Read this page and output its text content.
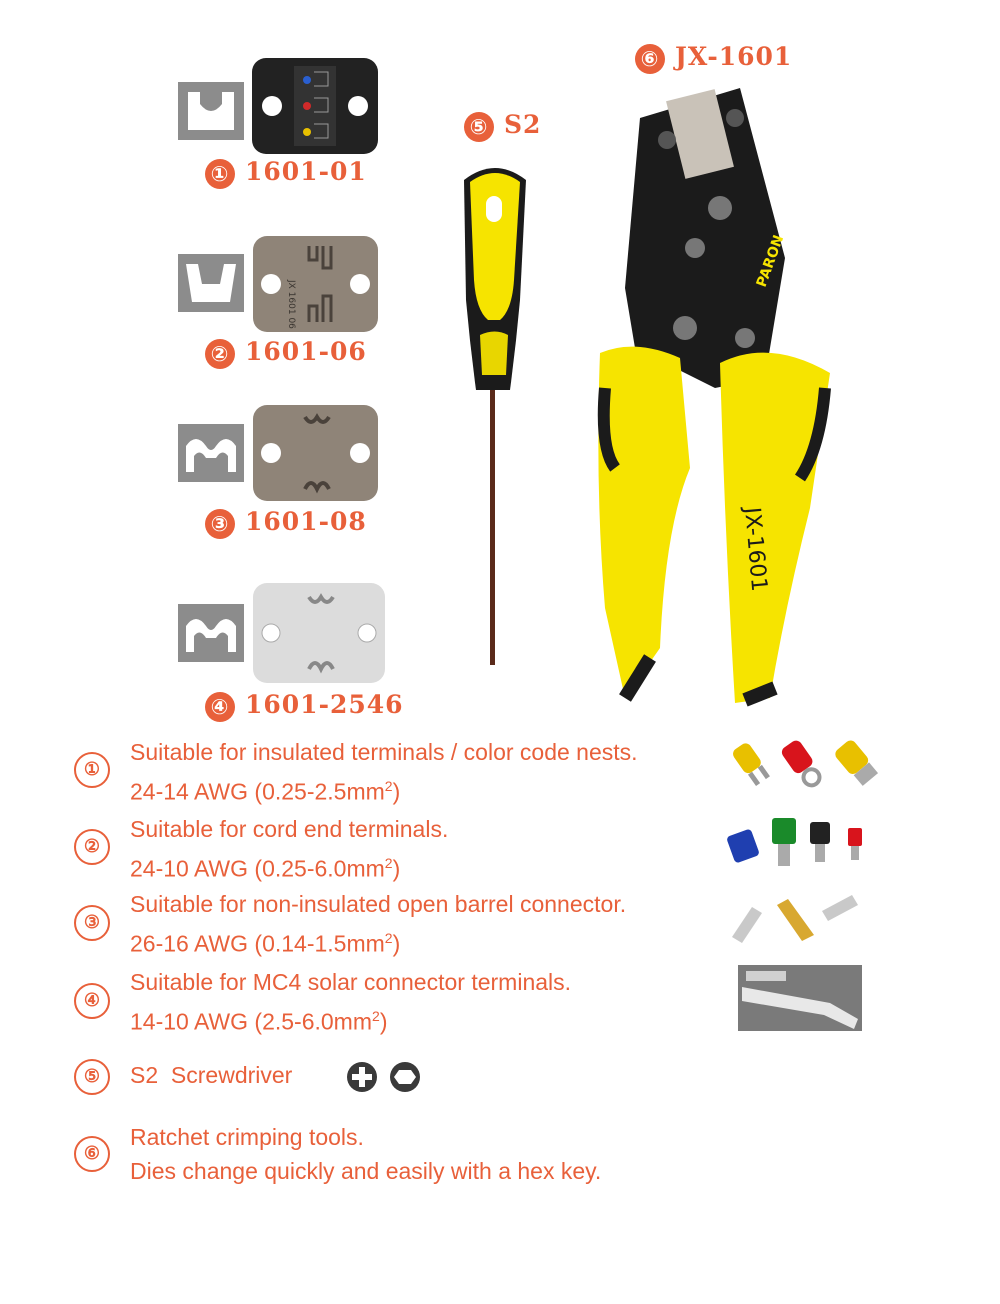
① 1601-01
JX 1601 06
② 1601-06
③ 1601-08
④ 1601-2546
⑤ S2
⑥ JX-1601
PARON
JX-1601
①
Suitable for insulated terminals / color code nests.
24-14 AWG $(0.25-2.5mm^2)$
②
Suitable for cord end terminals.
24-10 AWG $(0.25-6.0mm^2)$
③
Suitable for non-insulated open barrel connector.
26-16 AWG $(0.14-1.5mm^2)$
④
Suitable for MC4 solar connector terminals.
14-10 AWG $(2.5-6.0mm^2)$
⑤	S2  Screwdriver
⑥
Ratchet crimping tools.
Dies change quickly and easily with a hex key.
